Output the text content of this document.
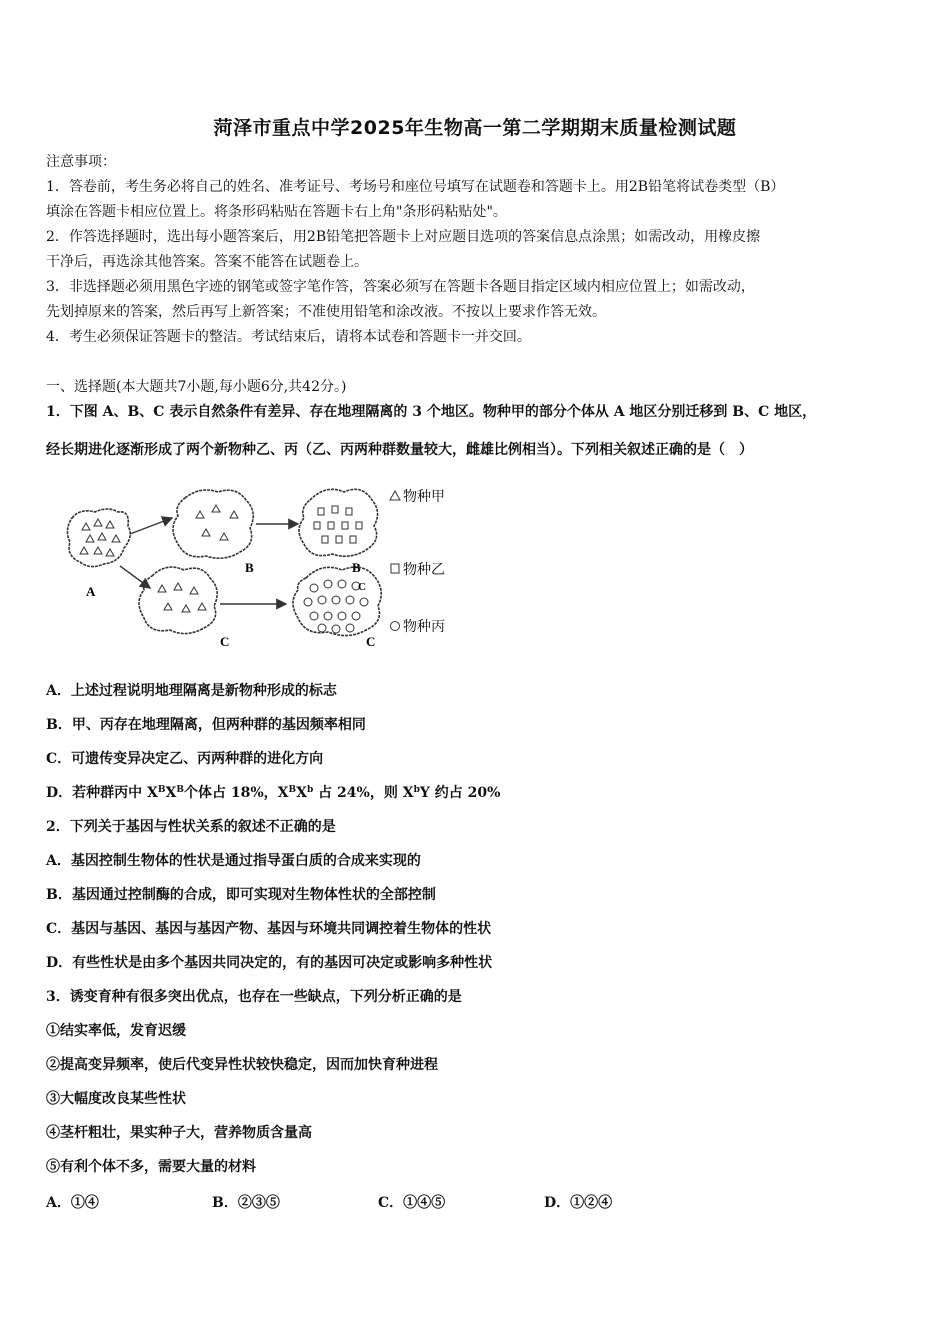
菏泽市重点中学2025年生物高一第二学期期末质量检测试题
注意事项：
1．答卷前，考生务必将自己的姓名、准考证号、考场号和座位号填写在试题卷和答题卡上。用2B铅笔将试卷类型（B）
填涂在答题卡相应位置上。将条形码粘贴在答题卡右上角"条形码粘贴处"。
2．作答选择题时，选出每小题答案后，用2B铅笔把答题卡上对应题目选项的答案信息点涂黑；如需改动，用橡皮擦
干净后，再选涂其他答案。答案不能答在试题卷上。
3．非选择题必须用黑色字迹的钢笔或签字笔作答，答案必须写在答题卡各题目指定区域内相应位置上；如需改动，
先划掉原来的答案，然后再写上新答案；不准使用铅笔和涂改液。不按以上要求作答无效。
4．考生必须保证答题卡的整洁。考试结束后，请将本试卷和答题卡一并交回。
一、选择题(本大题共7小题,每小题6分,共42分。)
1．下图 A、B、C 表示自然条件有差异、存在地理隔离的 3 个地区。物种甲的部分个体从 A 地区分别迁移到 B、C 地区，
经长期进化逐渐形成了两个新物种乙、丙（乙、丙两种群数量较大，雌雄比例相当）。下列相关叙述正确的是（　）
A
B	B
C	C
C
物种甲
物种乙
物种丙
A．上述过程说明地理隔离是新物种形成的标志
B．甲、丙存在地理隔离，但两种群的基因频率相同
C．可遗传变异决定乙、丙两种群的进化方向
D．若种群丙中 $X^BX^B$个体占 18%，$X^BX^b$ 占 24%，则 $X^bY$ 约占 20%
2．下列关于基因与性状关系的叙述不正确的是
A．基因控制生物体的性状是通过指导蛋白质的合成来实现的
B．基因通过控制酶的合成，即可实现对生物体性状的全部控制
C．基因与基因、基因与基因产物、基因与环境共同调控着生物体的性状
D．有些性状是由多个基因共同决定的，有的基因可决定或影响多种性状
3．诱变育种有很多突出优点，也存在一些缺点，下列分析正确的是
①结实率低，发育迟缓
②提高变异频率，使后代变异性状较快稳定，因而加快育种进程
③大幅度改良某些性状
④茎杆粗壮，果实种子大，营养物质含量高
⑤有利个体不多，需要大量的材料
A．①④	B．②③⑤	C．①④⑤	D．①②④
